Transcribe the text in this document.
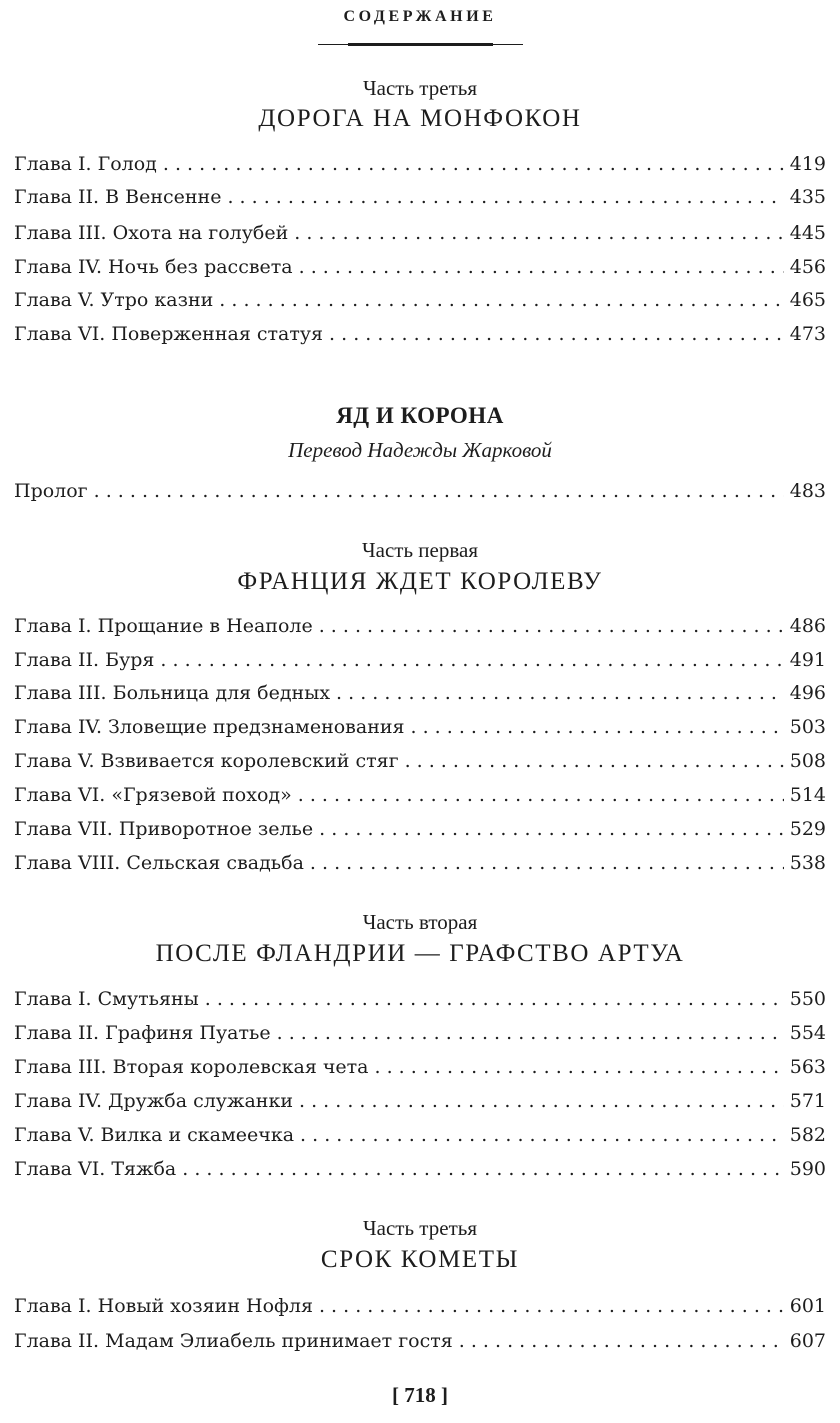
СОДЕРЖАНИЕ
Часть третья
ДОРОГА НА МОНФОКОН
Глава I. Голод . . .	419
Глава II. В Венсенне . . .	435
Глава III. Охота на голубей . . .	445
Глава IV. Ночь без рассвета . . .	456
Глава V. Утро казни . . .	465
Глава VI. Поверженная статуя . . .	473
ЯД И КОРОНА
Перевод Надежды Жарковой
Пролог . . .	483
Часть первая
ФРАНЦИЯ ЖДЕТ КОРОЛЕВУ
Глава I. Прощание в Неаполе . . .	486
Глава II. Буря . . .	491
Глава III. Больница для бедных . . .	496
Глава IV. Зловещие предзнаменования . . .	503
Глава V. Взвивается королевский стяг . . .	508
Глава VI. «Грязевой поход» . . .	514
Глава VII. Приворотное зелье . . .	529
Глава VIII. Сельская свадьба . . .	538
Часть вторая
ПОСЛЕ ФЛАНДРИИ — ГРАФСТВО АРТУА
Глава I. Смутьяны . . .	550
Глава II. Графиня Пуатье . . .	554
Глава III. Вторая королевская чета . . .	563
Глава IV. Дружба служанки . . .	571
Глава V. Вилка и скамеечка . . .	582
Глава VI. Тяжба . . .	590
Часть третья
СРОК КОМЕТЫ
Глава I. Новый хозяин Нофля . . .	601
Глава II. Мадам Элиабель принимает гостя . . .	607
[ 718 ]
